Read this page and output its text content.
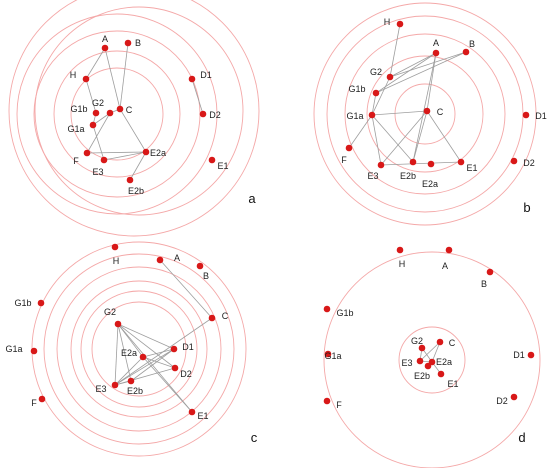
A	B
H
G2
C
G1b
G1a
F
E3
E2a
E2b
D1
D2
E1
H
A	B
G2
G1b
C
G1a
F
E3 E2b
E1
E2a
D1
D2
H	A
B
G1b
C
G1a
G2
E2a
D1
D2
F
E3 E2b
E1
H	A
B
G1b
G1a
F
D1
D2
G2	C
E3	E2a
E2b
E1
a
b
c	d
